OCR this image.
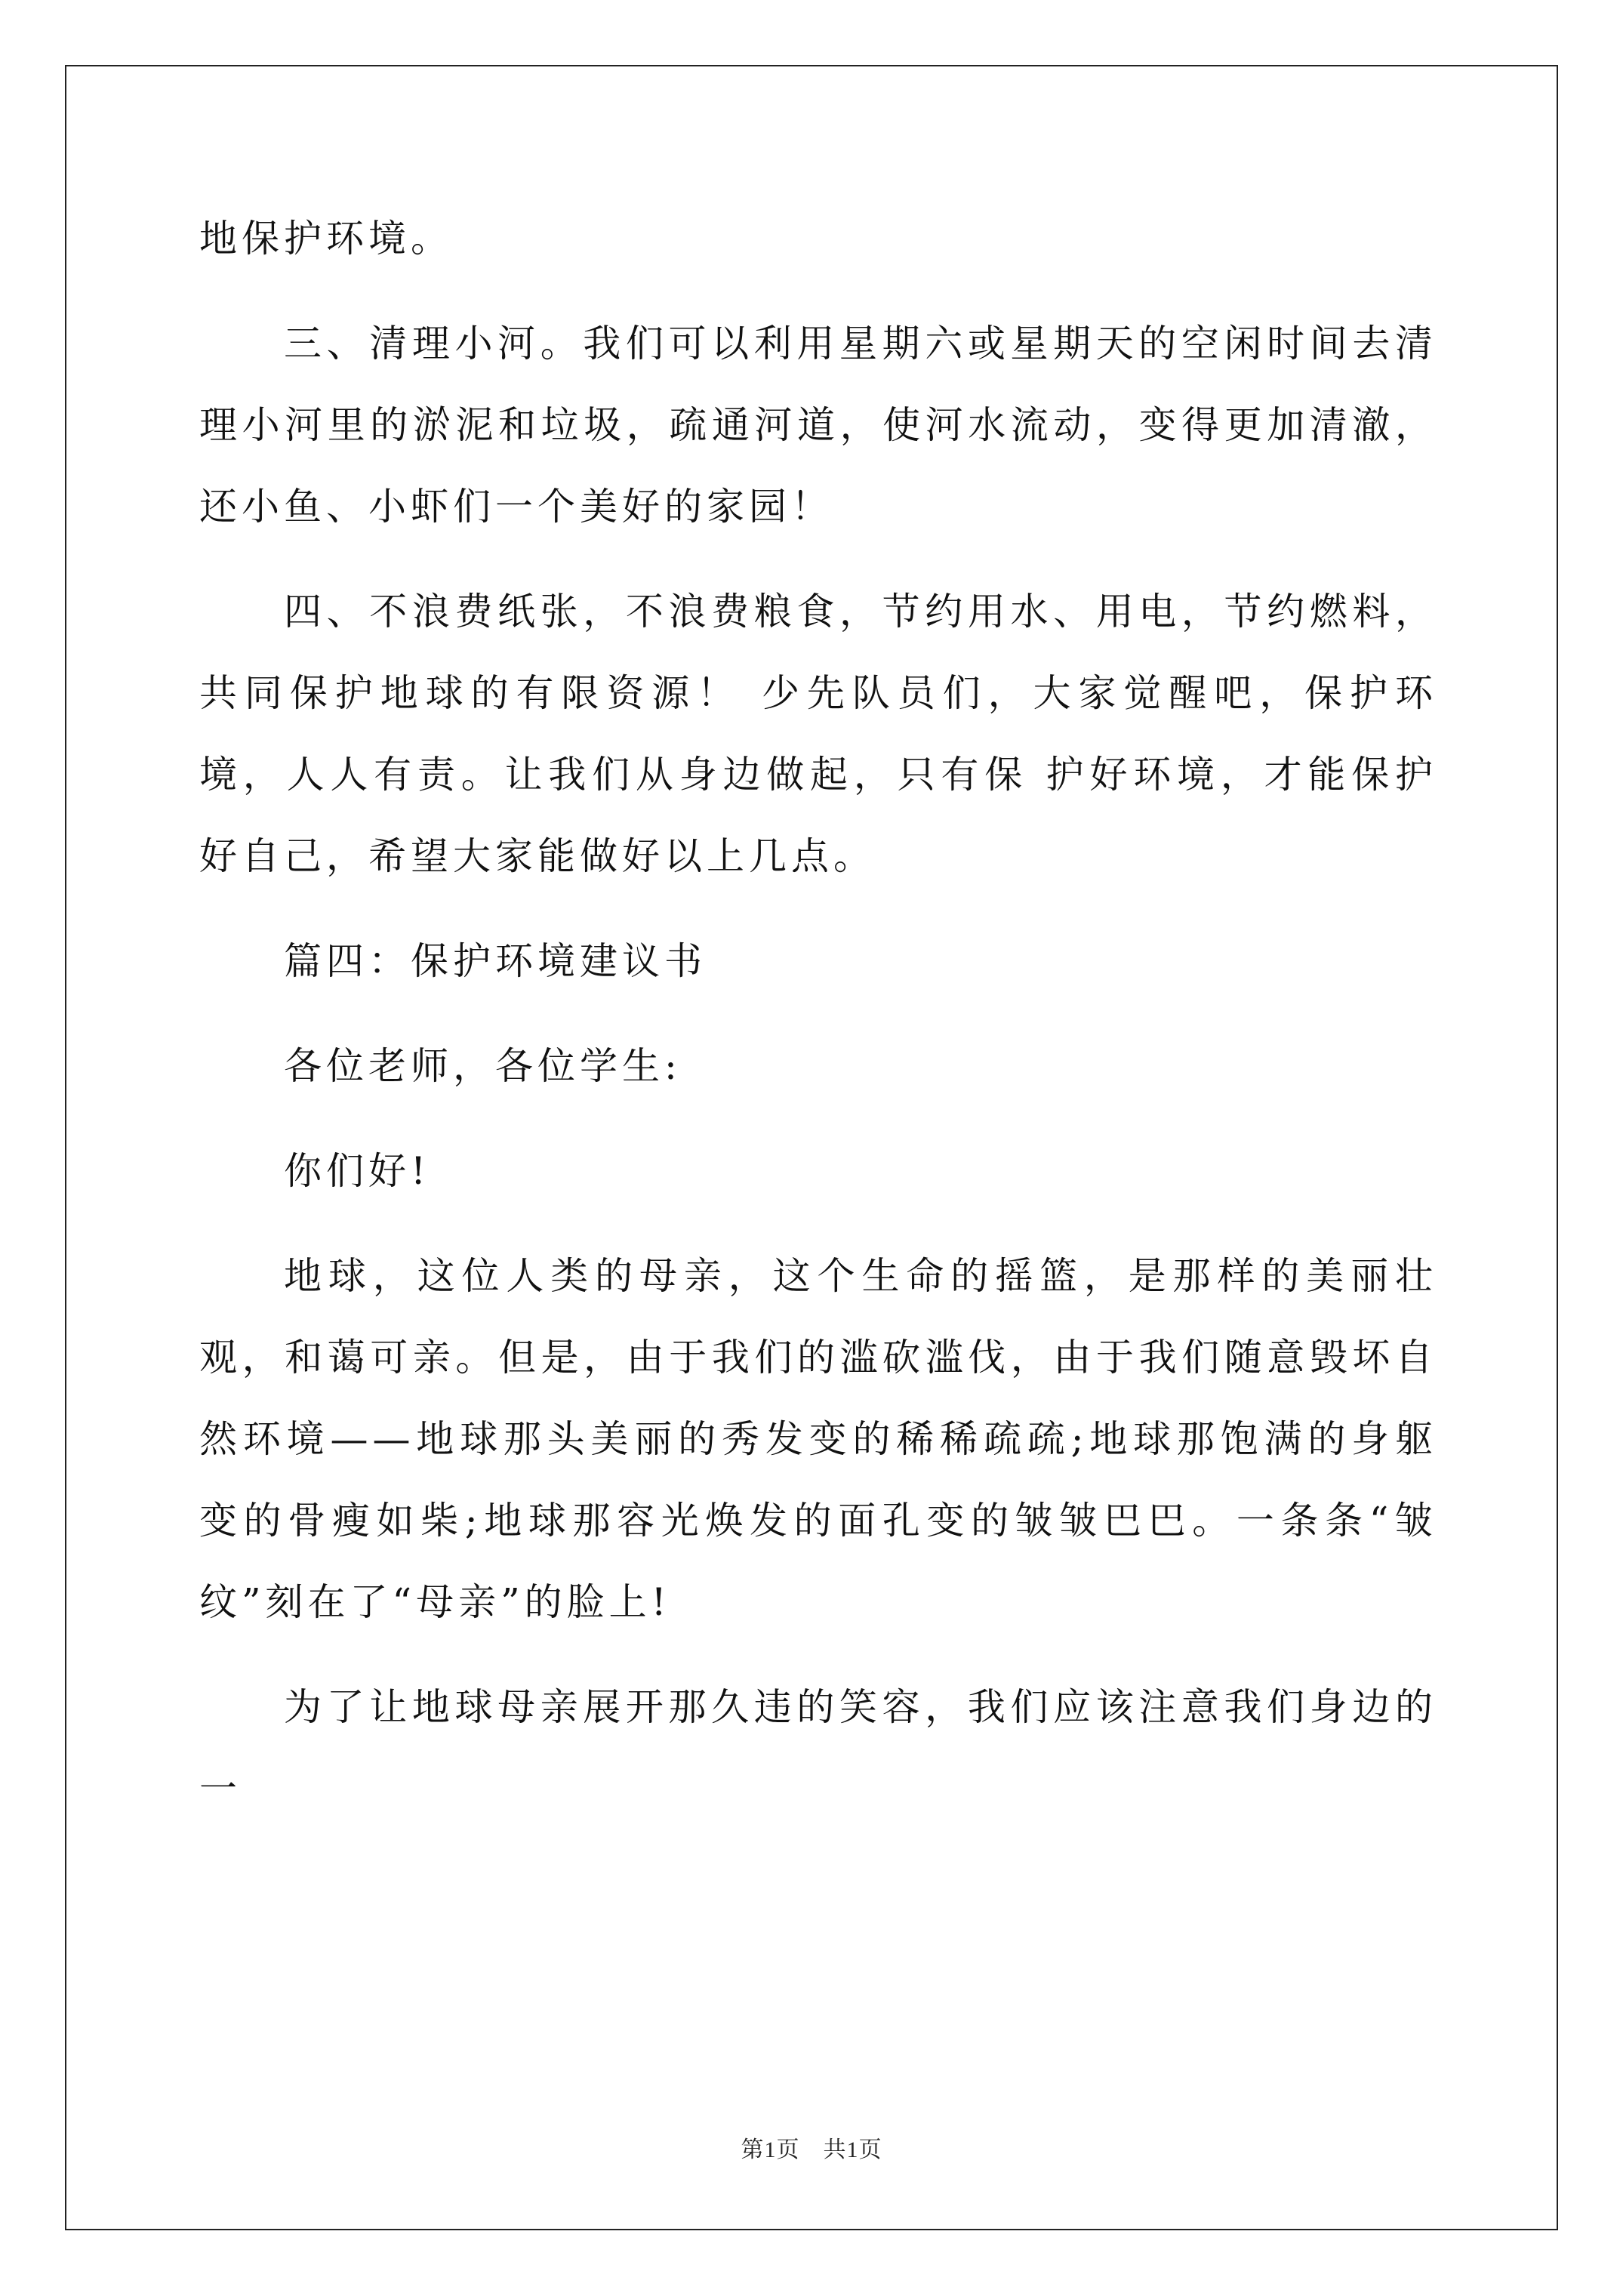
地保护环境。

三、清理小河。我们可以利用星期六或星期天的空闲时间去清理小河里的淤泥和垃圾，疏通河道，使河水流动，变得更加清澈，还小鱼、小虾们一个美好的家园！

四、不浪费纸张，不浪费粮食，节约用水、用电，节约燃料，共同保护地球的有限资源！ 少先队员们，大家觉醒吧，保护环境，人人有责。让我们从身边做起，只有保 护好环境，才能保护好自己，希望大家能做好以上几点。

篇四：保护环境建议书

各位老师，各位学生:

你们好!

地球，这位人类的母亲，这个生命的摇篮，是那样的美丽壮观，和蔼可亲。但是，由于我们的滥砍滥伐，由于我们随意毁坏自然环境——地球那头美丽的秀发变的稀稀疏疏;地球那饱满的身躯变的骨瘦如柴;地球那容光焕发的面孔变的皱皱巴巴。一条条“皱纹”刻在了“母亲”的脸上!

为了让地球母亲展开那久违的笑容，我们应该注意我们身边的一

第1页　共1页
